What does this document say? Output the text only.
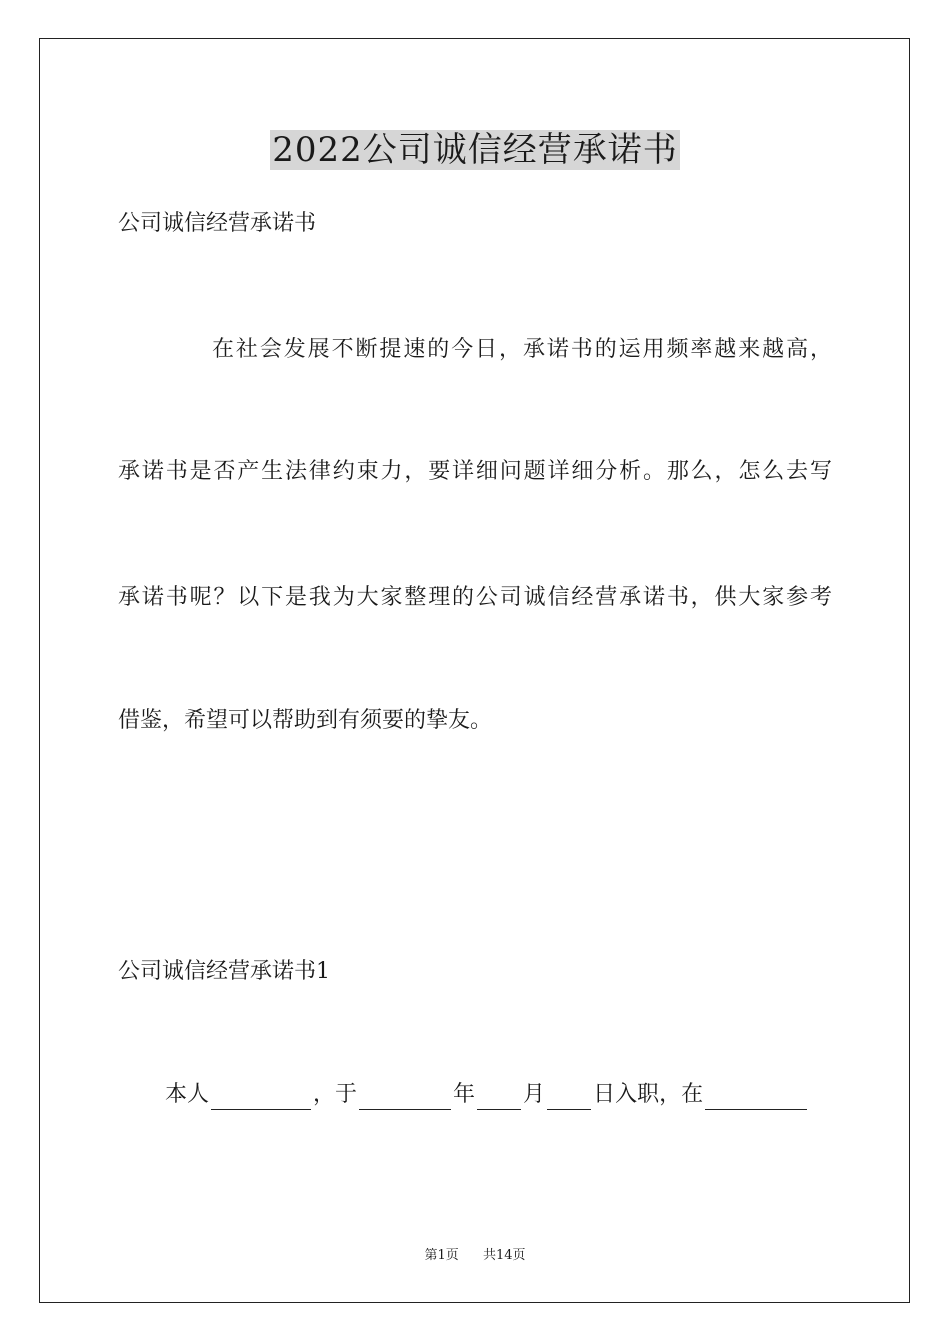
2022公司诚信经营承诺书
公司诚信经营承诺书
在社会发展不断提速的今日，承诺书的运用频率越来越高，
承诺书是否产生法律约束力，要详细问题详细分析。那么，怎么去写
承诺书呢？以下是我为大家整理的公司诚信经营承诺书，供大家参考
借鉴，希望可以帮助到有须要的挚友。
公司诚信经营承诺书1
本人	，于	年 月 日入职，在
第1页 共14页
